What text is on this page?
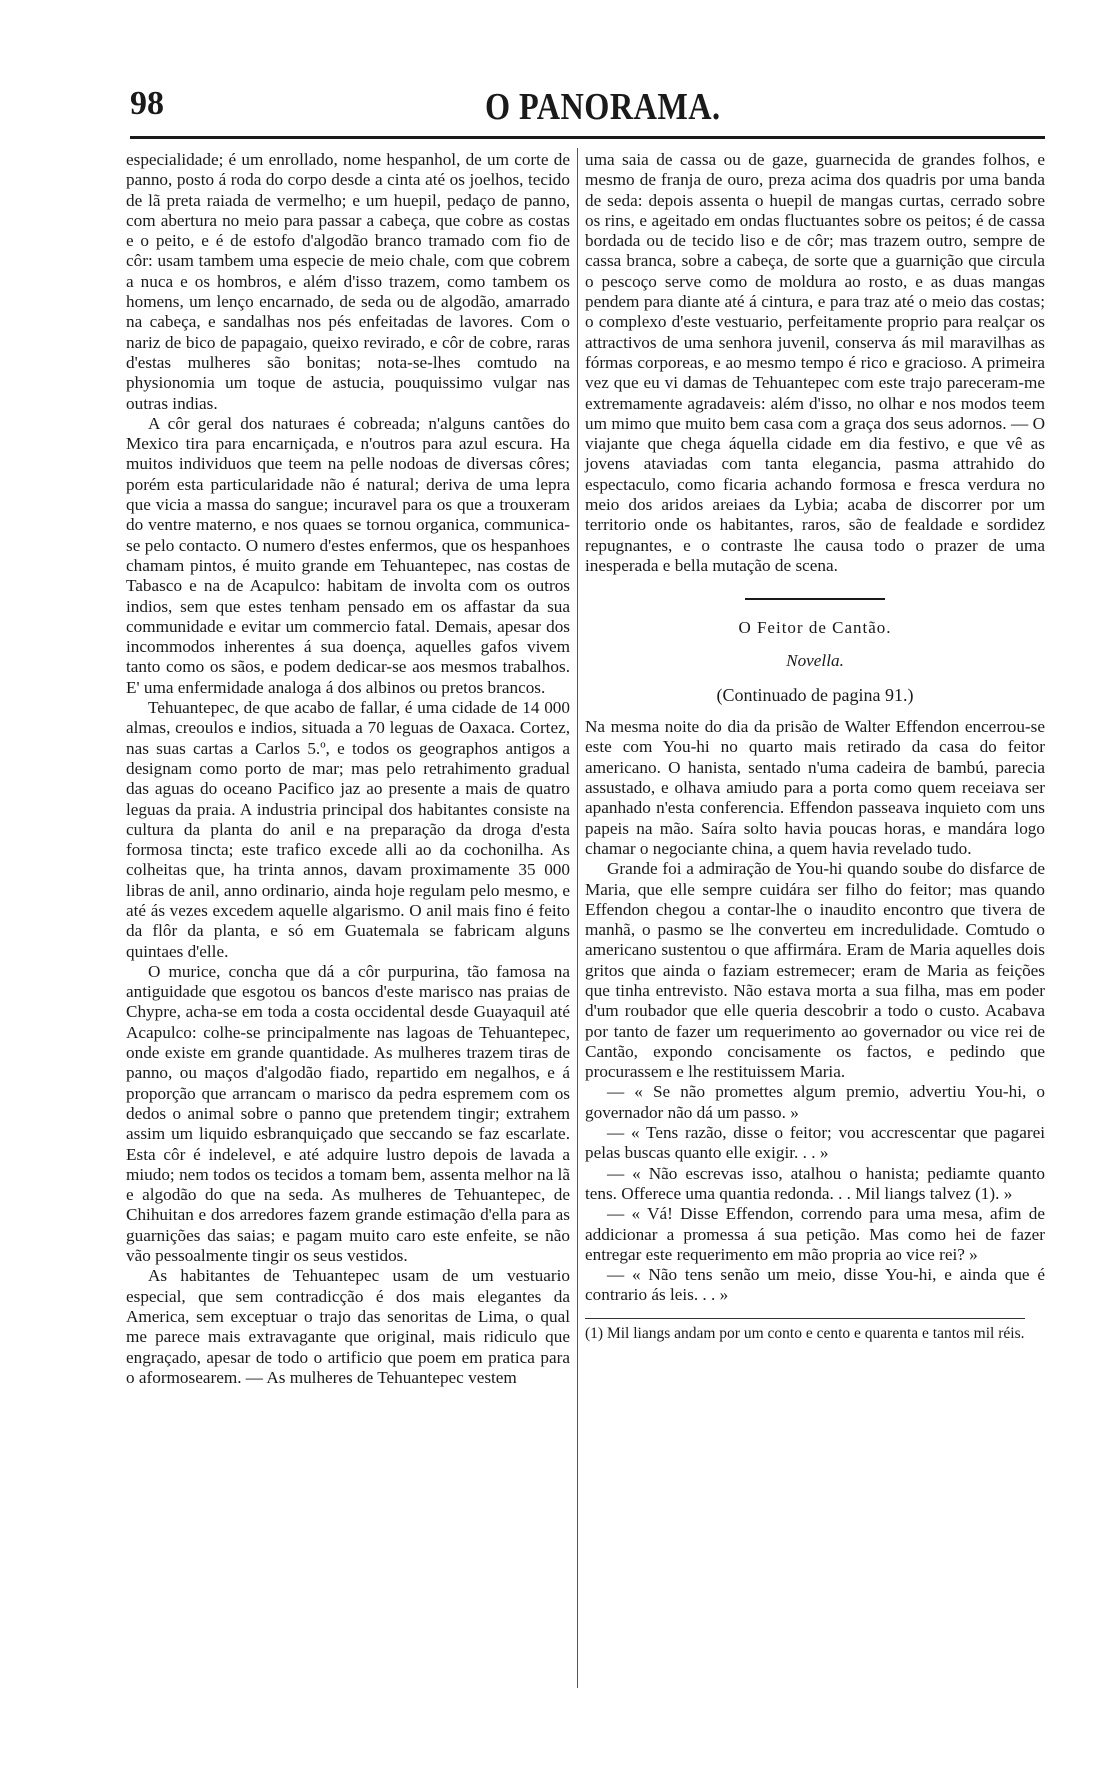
98	O PANORAMA.

especialidade; é um enrollado, nome hespanhol, de um corte de panno, posto á roda do corpo desde a cinta até os joelhos, tecido de lã preta raiada de vermelho; e um huepil, pedaço de panno, com abertura no meio para passar a cabeça, que cobre as costas e o peito, e é de estofo d'algodão branco tramado com fio de côr: usam tambem uma especie de meio chale, com que cobrem a nuca e os hombros, e além d'isso trazem, como tambem os homens, um lenço encarnado, de seda ou de algodão, amarrado na cabeça, e sandalhas nos pés enfeitadas de lavores. Com o nariz de bico de papagaio, queixo revirado, e côr de cobre, raras d'estas mulheres são bonitas; nota-se-lhes comtudo na physionomia um toque de astucia, pouquissimo vulgar nas outras indias.

A côr geral dos naturaes é cobreada; n'alguns cantões do Mexico tira para encarniçada, e n'outros para azul escura. Ha muitos individuos que teem na pelle nodoas de diversas côres; porém esta particularidade não é natural; deriva de uma lepra que vicia a massa do sangue; incuravel para os que a trouxeram do ventre materno, e nos quaes se tornou organica, communica-se pelo contacto. O numero d'estes enfermos, que os hespanhoes chamam pintos, é muito grande em Tehuantepec, nas costas de Tabasco e na de Acapulco: habitam de involta com os outros indios, sem que estes tenham pensado em os affastar da sua communidade e evitar um commercio fatal. Demais, apesar dos incommodos inherentes á sua doença, aquelles gafos vivem tanto como os sãos, e podem dedicar-se aos mesmos trabalhos. E' uma enfermidade analoga á dos albinos ou pretos brancos.

Tehuantepec, de que acabo de fallar, é uma cidade de 14 000 almas, creoulos e indios, situada a 70 leguas de Oaxaca. Cortez, nas suas cartas a Carlos 5.º, e todos os geographos antigos a designam como porto de mar; mas pelo retrahimento gradual das aguas do oceano Pacifico jaz ao presente a mais de quatro leguas da praia. A industria principal dos habitantes consiste na cultura da planta do anil e na preparação da droga d'esta formosa tincta; este trafico excede alli ao da cochonilha. As colheitas que, ha trinta annos, davam proximamente 35 000 libras de anil, anno ordinario, ainda hoje regulam pelo mesmo, e até ás vezes excedem aquelle algarismo. O anil mais fino é feito da flôr da planta, e só em Guatemala se fabricam alguns quintaes d'elle.

O murice, concha que dá a côr purpurina, tão famosa na antiguidade que esgotou os bancos d'este marisco nas praias de Chypre, acha-se em toda a costa occidental desde Guayaquil até Acapulco: colhe-se principalmente nas lagoas de Tehuantepec, onde existe em grande quantidade. As mulheres trazem tiras de panno, ou maços d'algodão fiado, repartido em negalhos, e á proporção que arrancam o marisco da pedra espremem com os dedos o animal sobre o panno que pretendem tingir; extrahem assim um liquido esbranquiçado que seccando se faz escarlate. Esta côr é indelevel, e até adquire lustro depois de lavada a miudo; nem todos os tecidos a tomam bem, assenta melhor na lã e algodão do que na seda. As mulheres de Tehuantepec, de Chihuitan e dos arredores fazem grande estimação d'ella para as guarnições das saias; e pagam muito caro este enfeite, se não vão pessoalmente tingir os seus vestidos.

As habitantes de Tehuantepec usam de um vestuario especial, que sem contradicção é dos mais elegantes da America, sem exceptuar o trajo das senoritas de Lima, o qual me parece mais extravagante que original, mais ridiculo que engraçado, apesar de todo o artificio que poem em pratica para o aformosearem. — As mulheres de Tehuantepec vestem

uma saia de cassa ou de gaze, guarnecida de grandes folhos, e mesmo de franja de ouro, preza acima dos quadris por uma banda de seda: depois assenta o huepil de mangas curtas, cerrado sobre os rins, e ageitado em ondas fluctuantes sobre os peitos; é de cassa bordada ou de tecido liso e de côr; mas trazem outro, sempre de cassa branca, sobre a cabeça, de sorte que a guarnição que circula o pescoço serve como de moldura ao rosto, e as duas mangas pendem para diante até á cintura, e para traz até o meio das costas; o complexo d'este vestuario, perfeitamente proprio para realçar os attractivos de uma senhora juvenil, conserva ás mil maravilhas as fórmas corporeas, e ao mesmo tempo é rico e gracioso. A primeira vez que eu vi damas de Tehuantepec com este trajo pareceram-me extremamente agradaveis: além d'isso, no olhar e nos modos teem um mimo que muito bem casa com a graça dos seus adornos. — O viajante que chega áquella cidade em dia festivo, e que vê as jovens ataviadas com tanta elegancia, pasma attrahido do espectaculo, como ficaria achando formosa e fresca verdura no meio dos aridos areiaes da Lybia; acaba de discorrer por um territorio onde os habitantes, raros, são de fealdade e sordidez repugnantes, e o contraste lhe causa todo o prazer de uma inesperada e bella mutação de scena.

O Feitor de Cantão.
Novella.
(Continuado de pagina 91.)

Na mesma noite do dia da prisão de Walter Effendon encerrou-se este com You-hi no quarto mais retirado da casa do feitor americano. O hanista, sentado n'uma cadeira de bambú, parecia assustado, e olhava amiudo para a porta como quem receiava ser apanhado n'esta conferencia. Effendon passeava inquieto com uns papeis na mão. Saíra solto havia poucas horas, e mandára logo chamar o negociante china, a quem havia revelado tudo.

Grande foi a admiração de You-hi quando soube do disfarce de Maria, que elle sempre cuidára ser filho do feitor; mas quando Effendon chegou a contar-lhe o inaudito encontro que tivera de manhã, o pasmo se lhe converteu em incredulidade. Comtudo o americano sustentou o que affirmára. Eram de Maria aquelles dois gritos que ainda o faziam estremecer; eram de Maria as feições que tinha entrevisto. Não estava morta a sua filha, mas em poder d'um roubador que elle queria descobrir a todo o custo. Acabava por tanto de fazer um requerimento ao governador ou vice rei de Cantão, expondo concisamente os factos, e pedindo que procurassem e lhe restituissem Maria.

— « Se não promettes algum premio, advertiu You-hi, o governador não dá um passo. »

— « Tens razão, disse o feitor; vou accrescentar que pagarei pelas buscas quanto elle exigir. . . »

— « Não escrevas isso, atalhou o hanista; pediamte quanto tens. Offerece uma quantia redonda. . . Mil liangs talvez (1). »

— « Vá! Disse Effendon, correndo para uma mesa, afim de addicionar a promessa á sua petição. Mas como hei de fazer entregar este requerimento em mão propria ao vice rei? »

— « Não tens senão um meio, disse You-hi, e ainda que é contrario ás leis. . . »

(1) Mil liangs andam por um conto e cento e quarenta e tantos mil réis.
